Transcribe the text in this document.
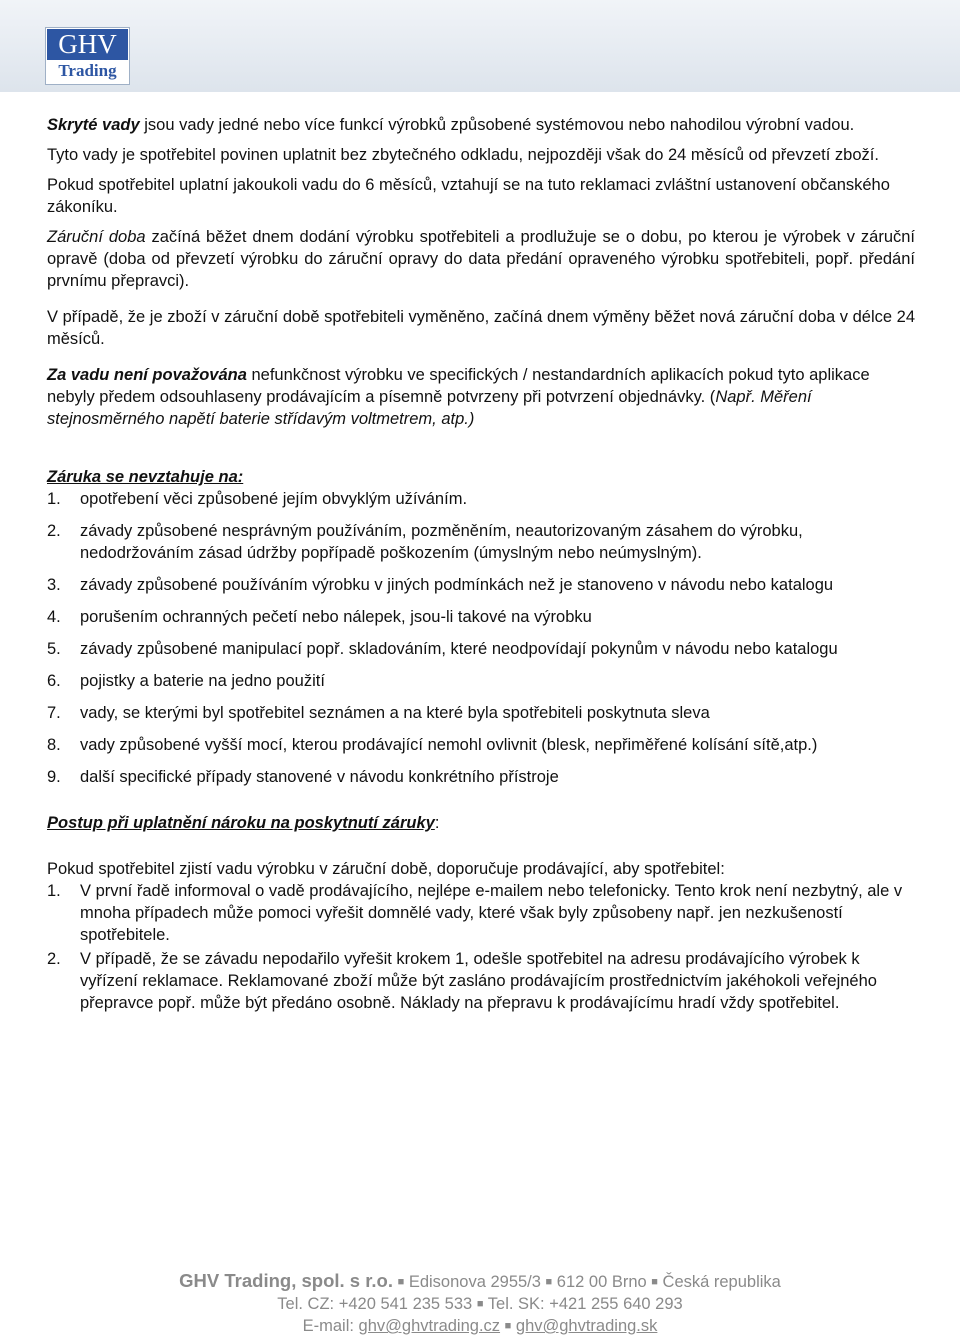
GHV
Trading

Skryté vady jsou vady jedné nebo více funkcí výrobků způsobené systémovou nebo nahodilou výrobní vadou.

Tyto vady je spotřebitel povinen uplatnit bez zbytečného odkladu, nejpozději však do 24 měsíců od převzetí zboží.

Pokud spotřebitel uplatní jakoukoli vadu do 6 měsíců, vztahují se na tuto reklamaci zvláštní ustanovení občanského zákoníku.

Záruční doba začíná běžet dnem dodání výrobku spotřebiteli a prodlužuje se o dobu, po kterou je výrobek v záruční opravě (doba od převzetí výrobku do záruční opravy do data předání opraveného výrobku spotřebiteli, popř. předání prvnímu přepravci).

V případě, že je zboží v záruční době spotřebiteli vyměněno, začíná dnem výměny běžet nová záruční doba v délce 24 měsíců.

Za vadu není považována nefunkčnost výrobku ve specifických / nestandardních aplikacích pokud tyto aplikace nebyly předem odsouhlaseny prodávajícím a písemně potvrzeny při potvrzení objednávky. (Např. Měření stejnosměrného napětí baterie střídavým voltmetrem, atp.)

Záruka se nevztahuje na:

1.	opotřebení věci způsobené jejím obvyklým užíváním.
2.	závady způsobené nesprávným používáním, pozměněním, neautorizovaným zásahem do výrobku, nedodržováním zásad údržby popřípadě poškozením (úmyslným nebo neúmyslným).
3.	závady způsobené používáním výrobku v jiných podmínkách než je stanoveno v návodu nebo katalogu
4.	porušením ochranných pečetí nebo nálepek, jsou-li takové na výrobku
5.	závady způsobené manipulací popř. skladováním, které neodpovídají pokynům v návodu nebo katalogu
6.	pojistky a baterie na jedno použití
7.	vady, se kterými byl spotřebitel seznámen a na které byla spotřebiteli poskytnuta sleva
8.	vady způsobené vyšší mocí, kterou prodávající nemohl ovlivnit (blesk, nepřiměřené kolísání sítě,atp.)
9.	další specifické případy stanovené v návodu konkrétního přístroje

Postup při uplatnění nároku na poskytnutí záruky:

Pokud spotřebitel zjistí vadu výrobku v záruční době, doporučuje prodávající, aby spotřebitel:

1.	V první řadě informoval o vadě prodávajícího, nejlépe e-mailem nebo telefonicky. Tento krok není nezbytný, ale v mnoha případech může pomoci vyřešit domnělé vady, které však byly způsobeny např. jen nezkušeností spotřebitele.
2.	V případě, že se závadu nepodařilo vyřešit krokem 1, odešle spotřebitel na adresu prodávajícího výrobek k vyřízení reklamace. Reklamované zboží může být zasláno prodávajícím prostřednictvím jakéhokoli veřejného přepravce popř. může být předáno osobně. Náklady na přepravu k prodávajícímu hradí vždy spotřebitel.
GHV Trading, spol. s r.o. ■ Edisonova 2955/3 ■ 612 00 Brno ■ Česká republika
Tel. CZ: +420 541 235 533 ■ Tel. SK: +421 255 640 293
E-mail: ghv@ghvtrading.cz ■ ghv@ghvtrading.sk
